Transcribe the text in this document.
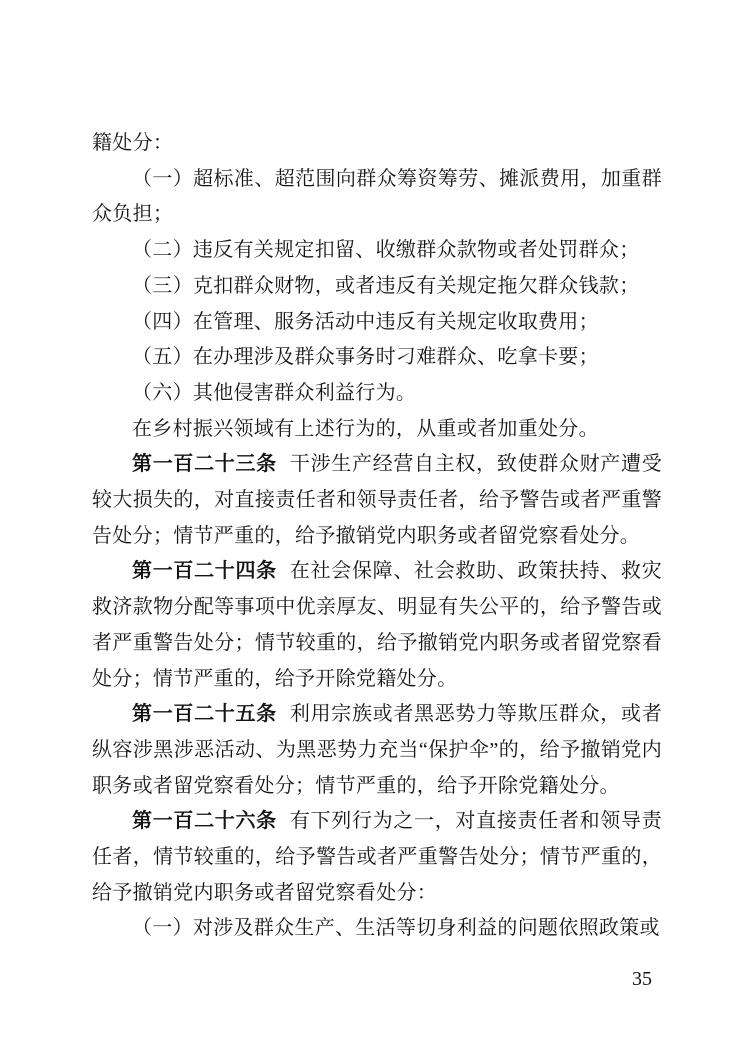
籍处分：

（一）超标准、超范围向群众筹资筹劳、摊派费用，加重群众负担；

（二）违反有关规定扣留、收缴群众款物或者处罚群众；

（三）克扣群众财物，或者违反有关规定拖欠群众钱款；

（四）在管理、服务活动中违反有关规定收取费用；

（五）在办理涉及群众事务时刁难群众、吃拿卡要；

（六）其他侵害群众利益行为。

在乡村振兴领域有上述行为的，从重或者加重处分。

第一百二十三条 干涉生产经营自主权，致使群众财产遭受较大损失的，对直接责任者和领导责任者，给予警告或者严重警告处分；情节严重的，给予撤销党内职务或者留党察看处分。

第一百二十四条 在社会保障、社会救助、政策扶持、救灾救济款物分配等事项中优亲厚友、明显有失公平的，给予警告或者严重警告处分；情节较重的，给予撤销党内职务或者留党察看处分；情节严重的，给予开除党籍处分。

第一百二十五条 利用宗族或者黑恶势力等欺压群众，或者纵容涉黑涉恶活动、为黑恶势力充当“保护伞”的，给予撤销党内职务或者留党察看处分；情节严重的，给予开除党籍处分。

第一百二十六条 有下列行为之一，对直接责任者和领导责任者，情节较重的，给予警告或者严重警告处分；情节严重的，给予撤销党内职务或者留党察看处分：

（一）对涉及群众生产、生活等切身利益的问题依照政策或

35
